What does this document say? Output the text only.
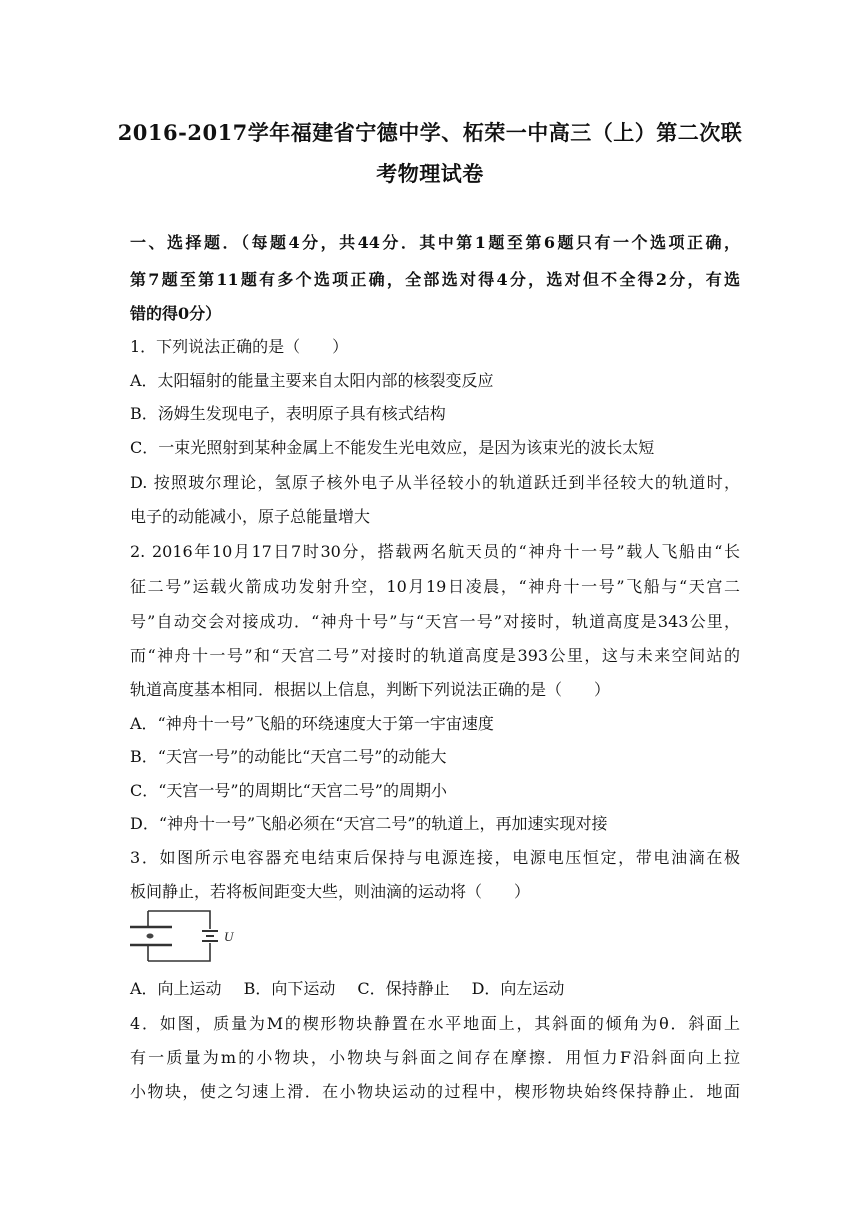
2016-2017学年福建省宁德中学、柘荣一中高三（上）第二次联
考物理试卷
一、选择题．（每题4分，共44分．其中第1题至第6题只有一个选项正确，
第7题至第11题有多个选项正确，全部选对得4分，选对但不全得2分，有选
错的得0分）
1．下列说法正确的是（　　）
A．太阳辐射的能量主要来自太阳内部的核裂变反应
B．汤姆生发现电子，表明原子具有核式结构
C．一束光照射到某种金属上不能发生光电效应，是因为该束光的波长太短
D. 按照玻尔理论，氢原子核外电子从半径较小的轨道跃迁到半径较大的轨道时，
电子的动能减小，原子总能量增大
2. 2016年10月17日7时30分，搭载两名航天员的“神舟十一号”载人飞船由“长
征二号”运载火箭成功发射升空，10月19日凌晨，“神舟十一号”飞船与“天宫二
号”自动交会对接成功．“神舟十号”与“天宫一号”对接时，轨道高度是343公里，
而“神舟十一号”和“天宫二号”对接时的轨道高度是393公里，这与未来空间站的
轨道高度基本相同．根据以上信息，判断下列说法正确的是（　　）
A．“神舟十一号”飞船的环绕速度大于第一宇宙速度
B．“天宫一号”的动能比“天宫二号”的动能大
C．“天宫一号”的周期比“天宫二号”的周期小
D．“神舟十一号”飞船必须在“天宫二号”的轨道上，再加速实现对接
3．如图所示电容器充电结束后保持与电源连接，电源电压恒定，带电油滴在极
板间静止，若将板间距变大些，则油滴的运动将（　　）
U
A．向上运动 B．向下运动 C．保持静止 D．向左运动
4．如图，质量为M的楔形物块静置在水平地面上，其斜面的倾角为θ．斜面上
有一质量为m的小物块，小物块与斜面之间存在摩擦．用恒力F沿斜面向上拉
小物块，使之匀速上滑．在小物块运动的过程中，楔形物块始终保持静止．地面
